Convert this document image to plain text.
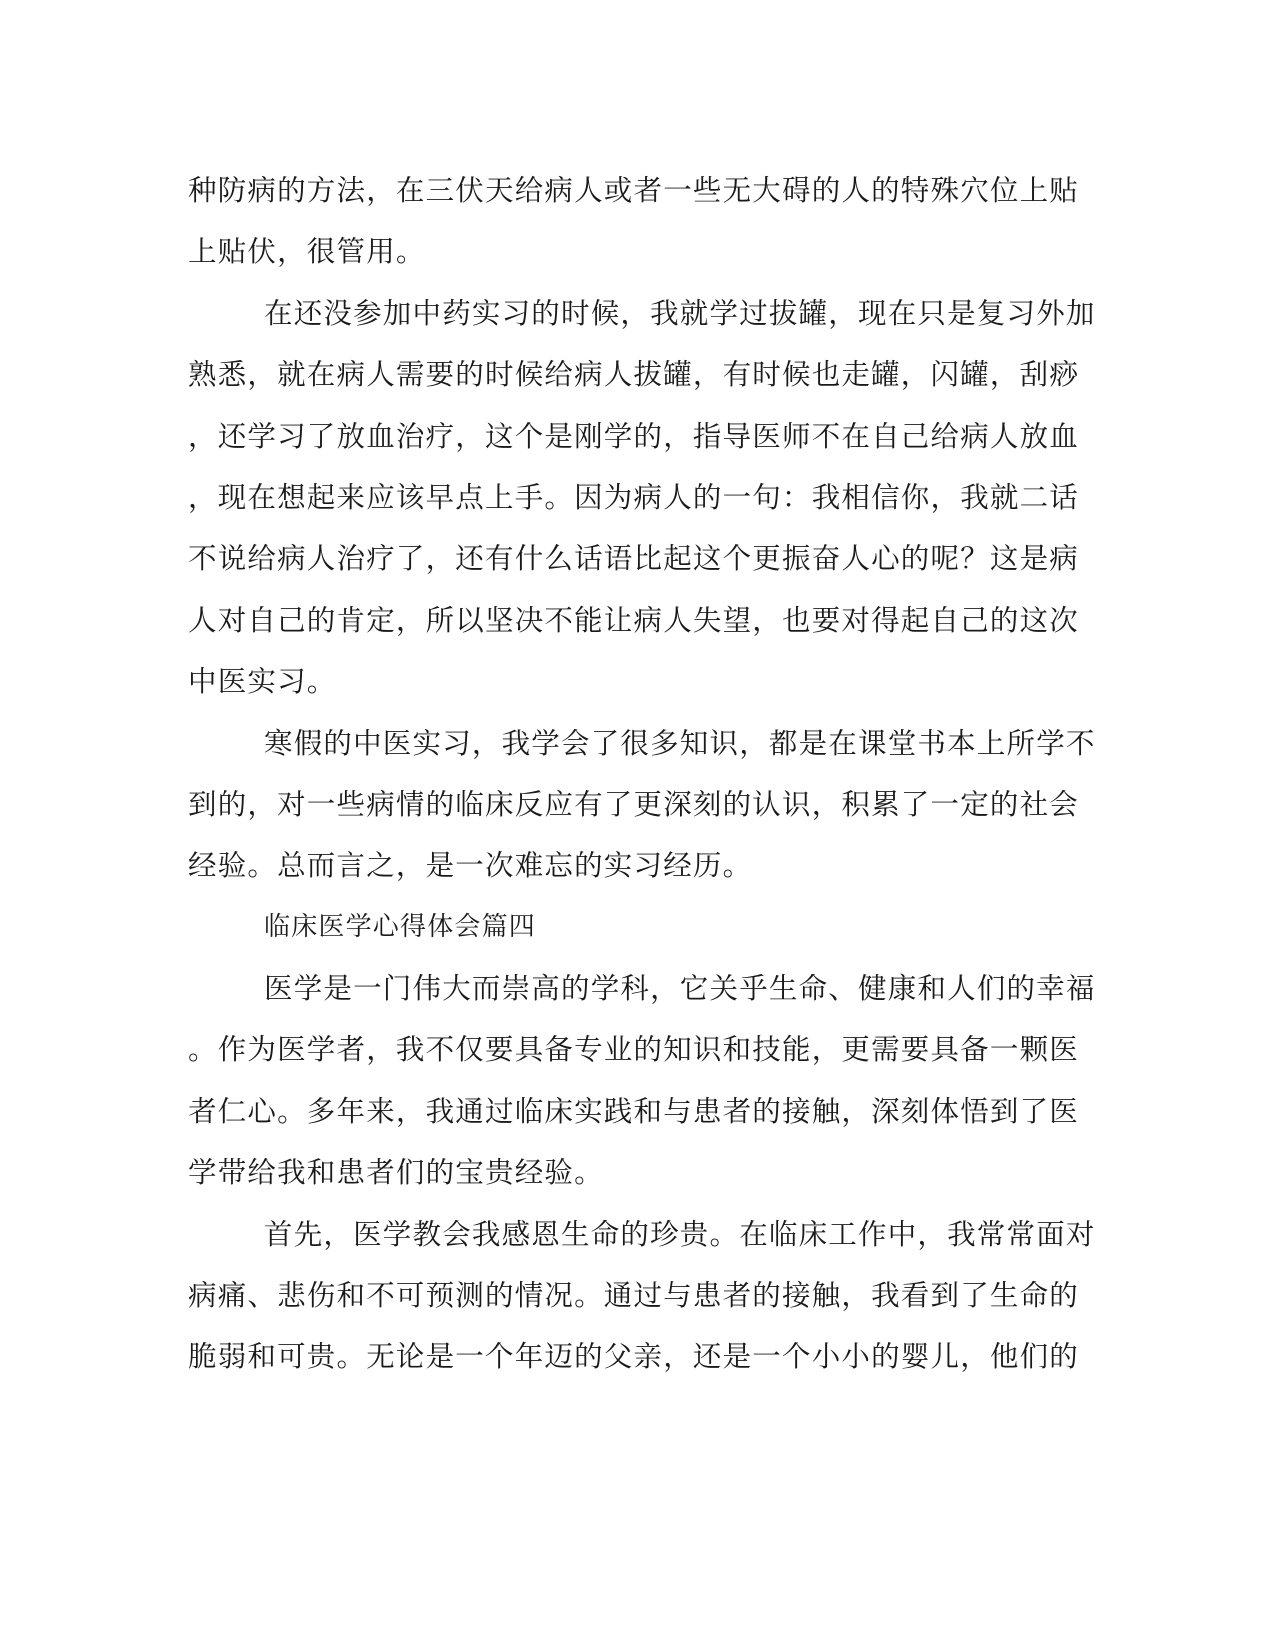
种防病的方法，在三伏天给病人或者一些无大碍的人的特殊穴位上贴
上贴伏，很管用。
在还没参加中药实习的时候，我就学过拔罐，现在只是复习外加
熟悉，就在病人需要的时候给病人拔罐，有时候也走罐，闪罐，刮痧
，还学习了放血治疗，这个是刚学的，指导医师不在自己给病人放血
，现在想起来应该早点上手。因为病人的一句：我相信你，我就二话
不说给病人治疗了，还有什么话语比起这个更振奋人心的呢？这是病
人对自己的肯定，所以坚决不能让病人失望，也要对得起自己的这次
中医实习。
寒假的中医实习，我学会了很多知识，都是在课堂书本上所学不
到的，对一些病情的临床反应有了更深刻的认识，积累了一定的社会
经验。总而言之，是一次难忘的实习经历。
临床医学心得体会篇四
医学是一门伟大而崇高的学科，它关乎生命、健康和人们的幸福
。作为医学者，我不仅要具备专业的知识和技能，更需要具备一颗医
者仁心。多年来，我通过临床实践和与患者的接触，深刻体悟到了医
学带给我和患者们的宝贵经验。
首先，医学教会我感恩生命的珍贵。在临床工作中，我常常面对
病痛、悲伤和不可预测的情况。通过与患者的接触，我看到了生命的
脆弱和可贵。无论是一个年迈的父亲，还是一个小小的婴儿，他们的
